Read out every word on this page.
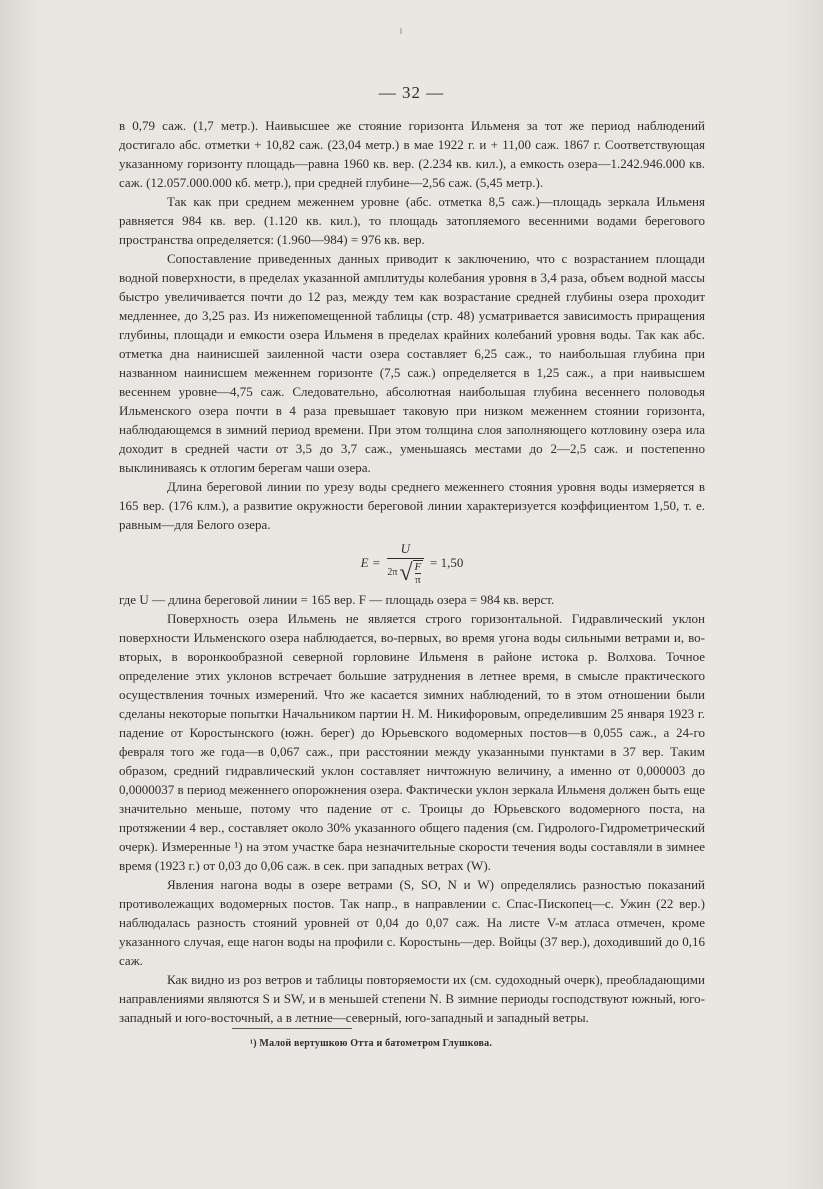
— 32 —

в 0,79 саж. (1,7 метр.). Наивысшее же стояние горизонта Ильменя за тот же период наблюдений достигало абс. отметки + 10,82 саж. (23,04 метр.) в мае 1922 г. и + 11,00 саж. 1867 г. Соответствующая указанному горизонту площадь—равна 1960 кв. вер. (2.234 кв. кил.), а емкость озера—1.242.946.000 кв. саж. (12.057.000.000 кб. метр.), при средней глубине—2,56 саж. (5,45 метр.).

Так как при среднем меженнем уровне (абс. отметка 8,5 саж.)—площадь зеркала Ильменя равняется 984 кв. вер. (1.120 кв. кил.), то площадь затопляемого весенними водами берегового пространства определяется: (1.960—984) = 976 кв. вер.

Сопоставление приведенных данных приводит к заключению, что с возрастанием площади водной поверхности, в пределах указанной амплитуды колебания уровня в 3,4 раза, объем водной массы быстро увеличивается почти до 12 раз, между тем как возрастание средней глубины озера проходит медленнее, до 3,25 раз. Из нижепомещенной таблицы (стр. 48) усматривается зависимость приращения глубины, площади и емкости озера Ильменя в пределах крайних колебаний уровня воды. Так как абс. отметка дна наинисшей заиленной части озера составляет 6,25 саж., то наибольшая глубина при названном наинисшем меженнем горизонте (7,5 саж.) определяется в 1,25 саж., а при наивысшем весеннем уровне—4,75 саж. Следовательно, абсолютная наибольшая глубина весеннего половодья Ильменского озера почти в 4 раза превышает таковую при низком меженнем стоянии горизонта, наблюдающемся в зимний период времени. При этом толщина слоя заполняющего котловину озера ила доходит в средней части от 3,5 до 3,7 саж., уменьшаясь местами до 2—2,5 саж. и постепенно выклиниваясь к отлогим берегам чаши озера.

Длина береговой линии по урезу воды среднего меженнего стояния уровня воды измеряется в 165 вер. (176 клм.), а развитие окружности береговой линии характеризуется коэффициентом 1,50, т. е. равным—для Белого озера.

E =
U
2π √ $\frac{F}{\pi} = 1,50$

где U — длина береговой линии = 165 вер. F — площадь озера = 984 кв. верст.

Поверхность озера Ильмень не является строго горизонтальной. Гидравлический уклон поверхности Ильменского озера наблюдается, во-первых, во время угона воды сильными ветрами и, во-вторых, в воронкообразной северной горловине Ильменя в районе истока р. Волхова. Точное определение этих уклонов встречает большие затруднения в летнее время, в смысле практического осуществления точных измерений. Что же касается зимних наблюдений, то в этом отношении были сделаны некоторые попытки Начальником партии Н. М. Никифоровым, определившим 25 января 1923 г. падение от Коростынского (южн. берег) до Юрьевского водомерных постов—в 0,055 саж., а 24-го февраля того же года—в 0,067 саж., при расстоянии между указанными пунктами в 37 вер. Таким образом, средний гидравлический уклон составляет ничтожную величину, а именно от 0,000003 до 0,0000037 в период меженнего опорожнения озера. Фактически уклон зеркала Ильменя должен быть еще значительно меньше, потому что падение от с. Троицы до Юрьевского водомерного поста, на протяжении 4 вер., составляет около 30% указанного общего падения (см. Гидролого-Гидрометрический очерк). Измеренные ¹) на этом участке бара незначительные скорости течения воды составляли в зимнее время (1923 г.) от 0,03 до 0,06 саж. в сек. при западных ветрах (W).

Явления нагона воды в озере ветрами (S, SO, N и W) определялись разностью показаний противолежащих водомерных постов. Так напр., в направлении с. Спас-Пископец—с. Ужин (22 вер.) наблюдалась разность стояний уровней от 0,04 до 0,07 саж. На листе V-м атласа отмечен, кроме указанного случая, еще нагон воды на профили с. Коростынь—дер. Войцы (37 вер.), доходивший до 0,16 саж.

Как видно из роз ветров и таблицы повторяемости их (см. судоходный очерк), преобладающими направлениями являются S и SW, и в меньшей степени N. В зимние периоды господствуют южный, юго-западный и юго-восточный, а в летние—северный, юго-западный и западный ветры.

¹) Малой вертушкою Отта и батометром Глушкова.
